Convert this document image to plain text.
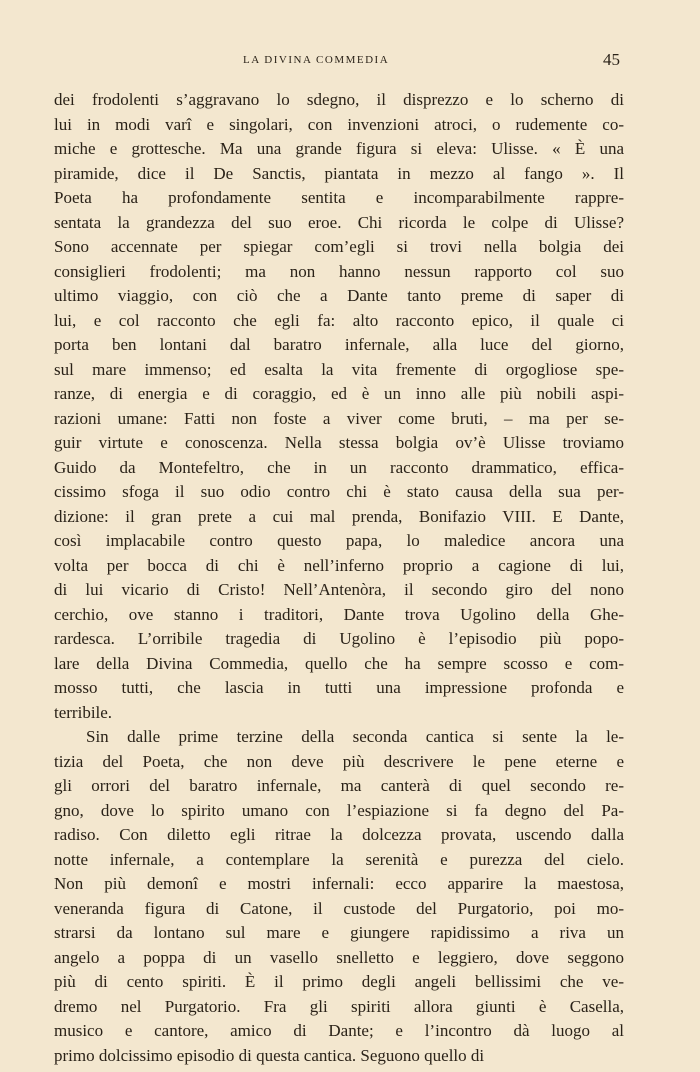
LA DIVINA COMMEDIA	45
dei frodolenti s’aggravano lo sdegno, il disprezzo e lo scherno di
lui in modi varî e singolari, con invenzioni atroci, o rudemente co-
miche e grottesche. Ma una grande figura si eleva: Ulisse. « È una
piramide, dice il De Sanctis, piantata in mezzo al fango ». Il
Poeta ha profondamente sentita e incomparabilmente rappre-
sentata la grandezza del suo eroe. Chi ricorda le colpe di Ulisse?
Sono accennate per spiegar com’egli si trovi nella bolgia dei
consiglieri frodolenti; ma non hanno nessun rapporto col suo
ultimo viaggio, con ciò che a Dante tanto preme di saper di
lui, e col racconto che egli fa: alto racconto epico, il quale ci
porta ben lontani dal baratro infernale, alla luce del giorno,
sul mare immenso; ed esalta la vita fremente di orgogliose spe-
ranze, di energia e di coraggio, ed è un inno alle più nobili aspi-
razioni umane: Fatti non foste a viver come bruti, – ma per se-
guir virtute e conoscenza. Nella stessa bolgia ov’è Ulisse troviamo
Guido da Montefeltro, che in un racconto drammatico, effica-
cissimo sfoga il suo odio contro chi è stato causa della sua per-
dizione: il gran prete a cui mal prenda, Bonifazio VIII. E Dante,
così implacabile contro questo papa, lo maledice ancora una
volta per bocca di chi è nell’inferno proprio a cagione di lui,
di lui vicario di Cristo! Nell’Antenòra, il secondo giro del nono
cerchio, ove stanno i traditori, Dante trova Ugolino della Ghe-
rardesca. L’orribile tragedia di Ugolino è l’episodio più popo-
lare della Divina Commedia, quello che ha sempre scosso e com-
mosso tutti, che lascia in tutti una impressione profonda e
terribile.
Sin dalle prime terzine della seconda cantica si sente la le-
tizia del Poeta, che non deve più descrivere le pene eterne e
gli orrori del baratro infernale, ma canterà di quel secondo re-
gno, dove lo spirito umano con l’espiazione si fa degno del Pa-
radiso. Con diletto egli ritrae la dolcezza provata, uscendo dalla
notte infernale, a contemplare la serenità e purezza del cielo.
Non più demonî e mostri infernali: ecco apparire la maestosa,
veneranda figura di Catone, il custode del Purgatorio, poi mo-
strarsi da lontano sul mare e giungere rapidissimo a riva un
angelo a poppa di un vasello snelletto e leggiero, dove seggono
più di cento spiriti. È il primo degli angeli bellissimi che ve-
dremo nel Purgatorio. Fra gli spiriti allora giunti è Casella,
musico e cantore, amico di Dante; e l’incontro dà luogo al
primo dolcissimo episodio di questa cantica. Seguono quello di
